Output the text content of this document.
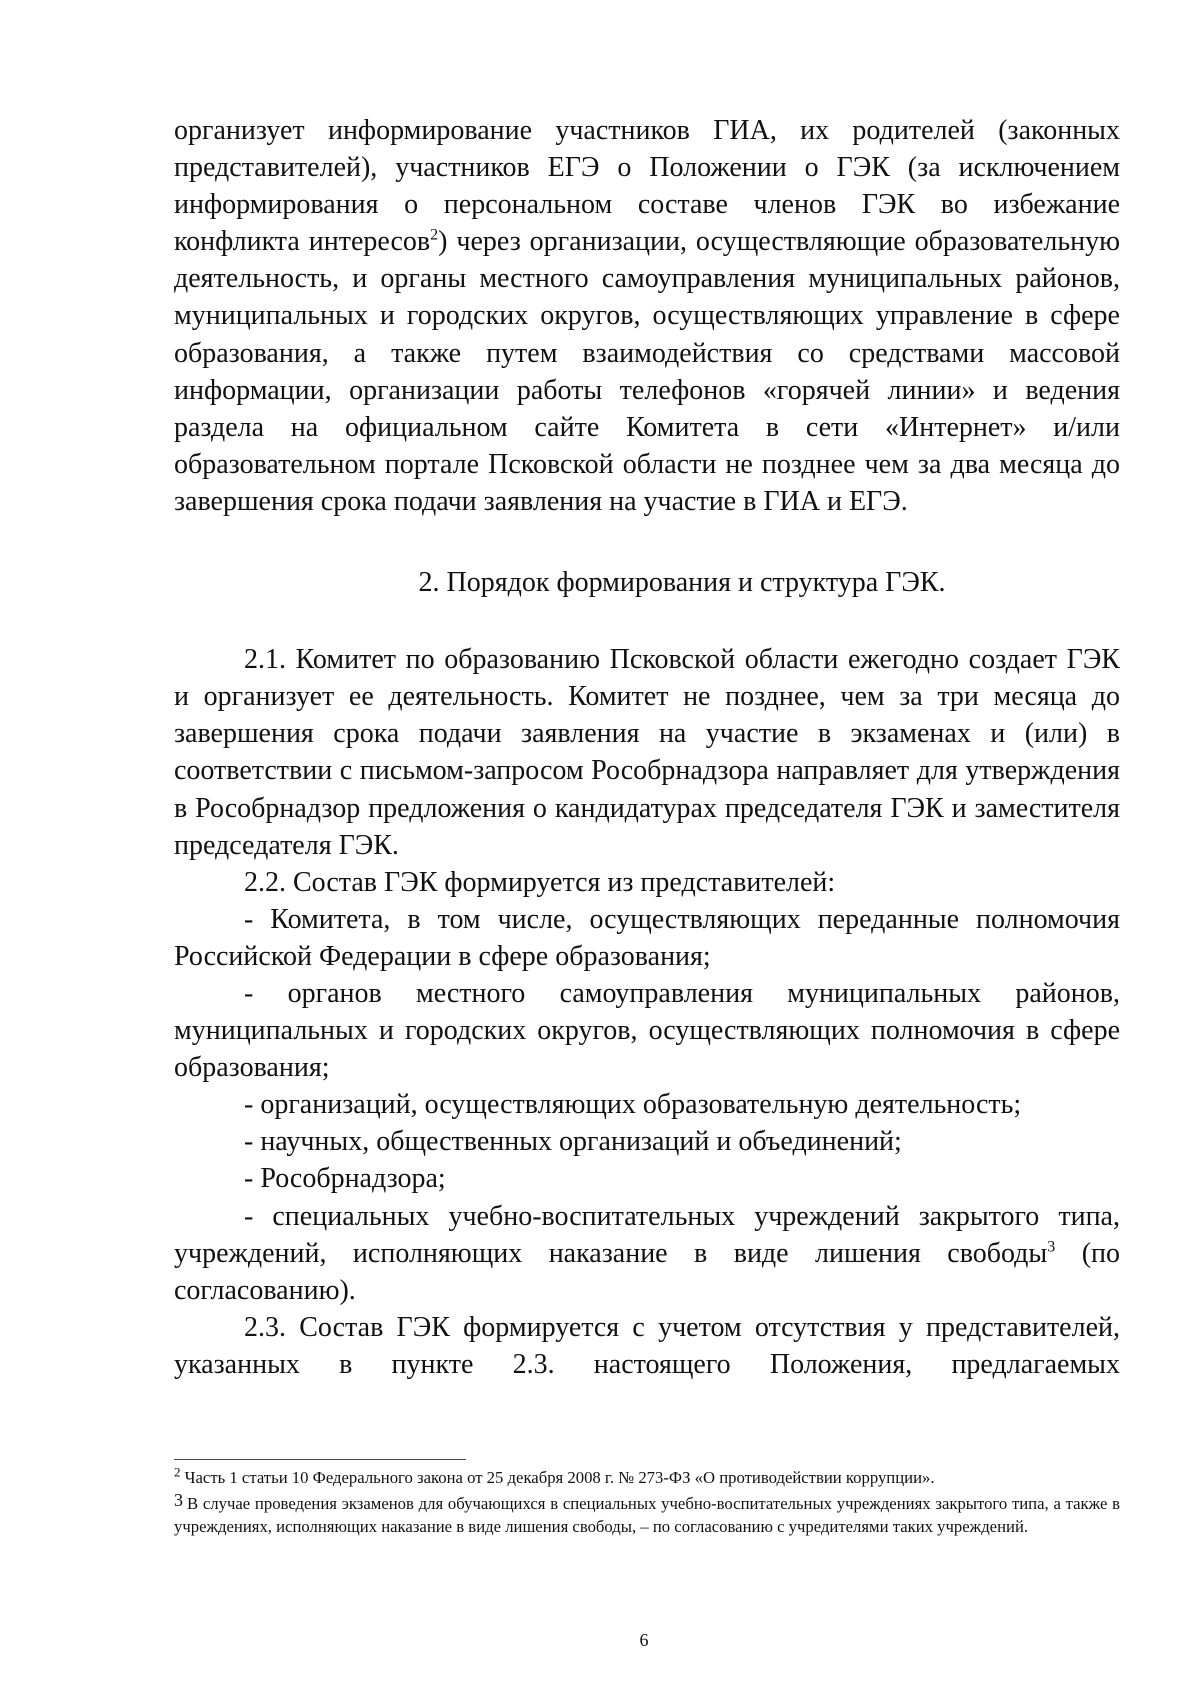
организует информирование участников ГИА, их родителей (законных представителей), участников ЕГЭ о Положении о ГЭК (за исключением информирования о персональном составе членов ГЭК во избежание конфликта интересов$^2$) через организации, осуществляющие образовательную деятельность, и органы местного самоуправления муниципальных районов, муниципальных и городских округов, осуществляющих управление в сфере образования, а также путем взаимодействия со средствами массовой информации, организации работы телефонов «горячей линии» и ведения раздела на официальном сайте Комитета в сети «Интернет» и/или образовательном портале Псковской области не позднее чем за два месяца до завершения срока подачи заявления на участие в ГИА и ЕГЭ.

2. Порядок формирования и структура ГЭК.

2.1. Комитет по образованию Псковской области ежегодно создает ГЭК и организует ее деятельность. Комитет не позднее, чем за три месяца до завершения срока подачи заявления на участие в экзаменах и (или) в соответствии с письмом-запросом Рособрнадзора направляет для утверждения в Рособрнадзор предложения о кандидатурах председателя ГЭК и заместителя председателя ГЭК.

2.2. Состав ГЭК формируется из представителей:

- Комитета, в том числе, осуществляющих переданные полномочия Российской Федерации в сфере образования;

- органов местного самоуправления муниципальных районов, муниципальных и городских округов, осуществляющих полномочия в сфере образования;

- организаций, осуществляющих образовательную деятельность;

- научных, общественных организаций и объединений;

- Рособрнадзора;

- специальных учебно-воспитательных учреждений закрытого типа, учреждений, исполняющих наказание в виде лишения свободы$^3$ (по согласованию).

2.3. Состав ГЭК формируется с учетом отсутствия у представителей, указанных в пункте 2.3. настоящего Положения, предлагаемых

$^2$ Часть 1 статьи 10 Федерального закона от 25 декабря 2008 г. № 273-ФЗ «О противодействии коррупции».

3 В случае проведения экзаменов для обучающихся в специальных учебно-воспитательных учреждениях закрытого типа, а также в учреждениях, исполняющих наказание в виде лишения свободы, – по согласованию с учредителями таких учреждений.

6
